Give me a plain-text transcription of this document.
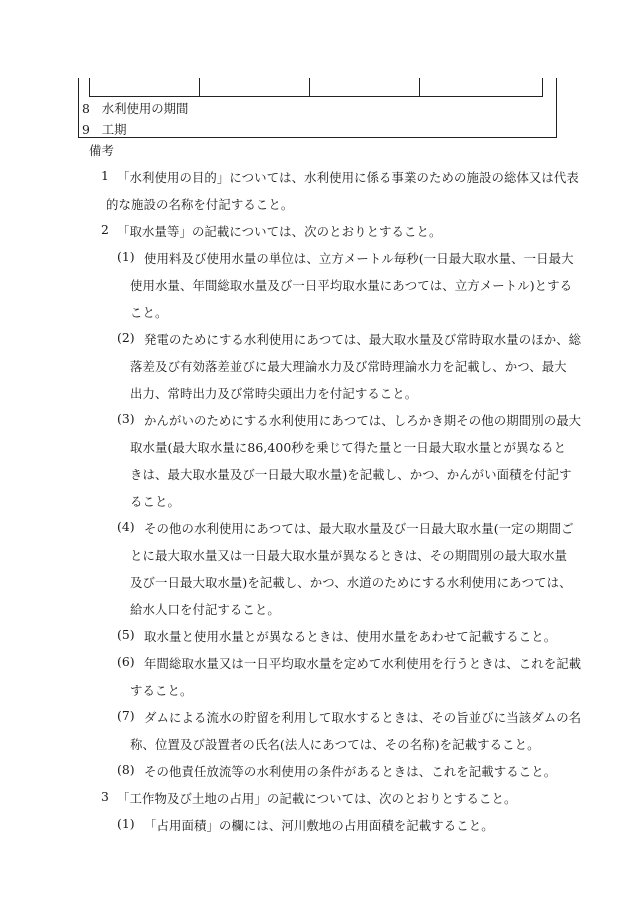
8 水利使用の期間
9 工期
備考
1 「水利使用の目的」については、水利使用に係る事業のための施設の総体又は代表
的な施設の名称を付記すること。
2 「取水量等」の記載については、次のとおりとすること。
(1) 使用料及び使用水量の単位は、立方メートル毎秒(一日最大取水量、一日最大
使用水量、年間総取水量及び一日平均取水量にあつては、立方メートル)とする
こと。
(2) 発電のためにする水利使用にあつては、最大取水量及び常時取水量のほか、総
落差及び有効落差並びに最大理論水力及び常時理論水力を記載し、かつ、最大
出力、常時出力及び常時尖頭出力を付記すること。
(3) かんがいのためにする水利使用にあつては、しろかき期その他の期間別の最大
取水量(最大取水量に86,400秒を乗じて得た量と一日最大取水量とが異なると
きは、最大取水量及び一日最大取水量)を記載し、かつ、かんがい面積を付記す
ること。
(4) その他の水利使用にあつては、最大取水量及び一日最大取水量(一定の期間ご
とに最大取水量又は一日最大取水量が異なるときは、その期間別の最大取水量
及び一日最大取水量)を記載し、かつ、水道のためにする水利使用にあつては、
給水人口を付記すること。
(5) 取水量と使用水量とが異なるときは、使用水量をあわせて記載すること。
(6) 年間総取水量又は一日平均取水量を定めて水利使用を行うときは、これを記載
すること。
(7) ダムによる流水の貯留を利用して取水するときは、その旨並びに当該ダムの名
称、位置及び設置者の氏名(法人にあつては、その名称)を記載すること。
(8) その他責任放流等の水利使用の条件があるときは、これを記載すること。
3 「工作物及び土地の占用」の記載については、次のとおりとすること。
(1) 「占用面積」の欄には、河川敷地の占用面積を記載すること。
